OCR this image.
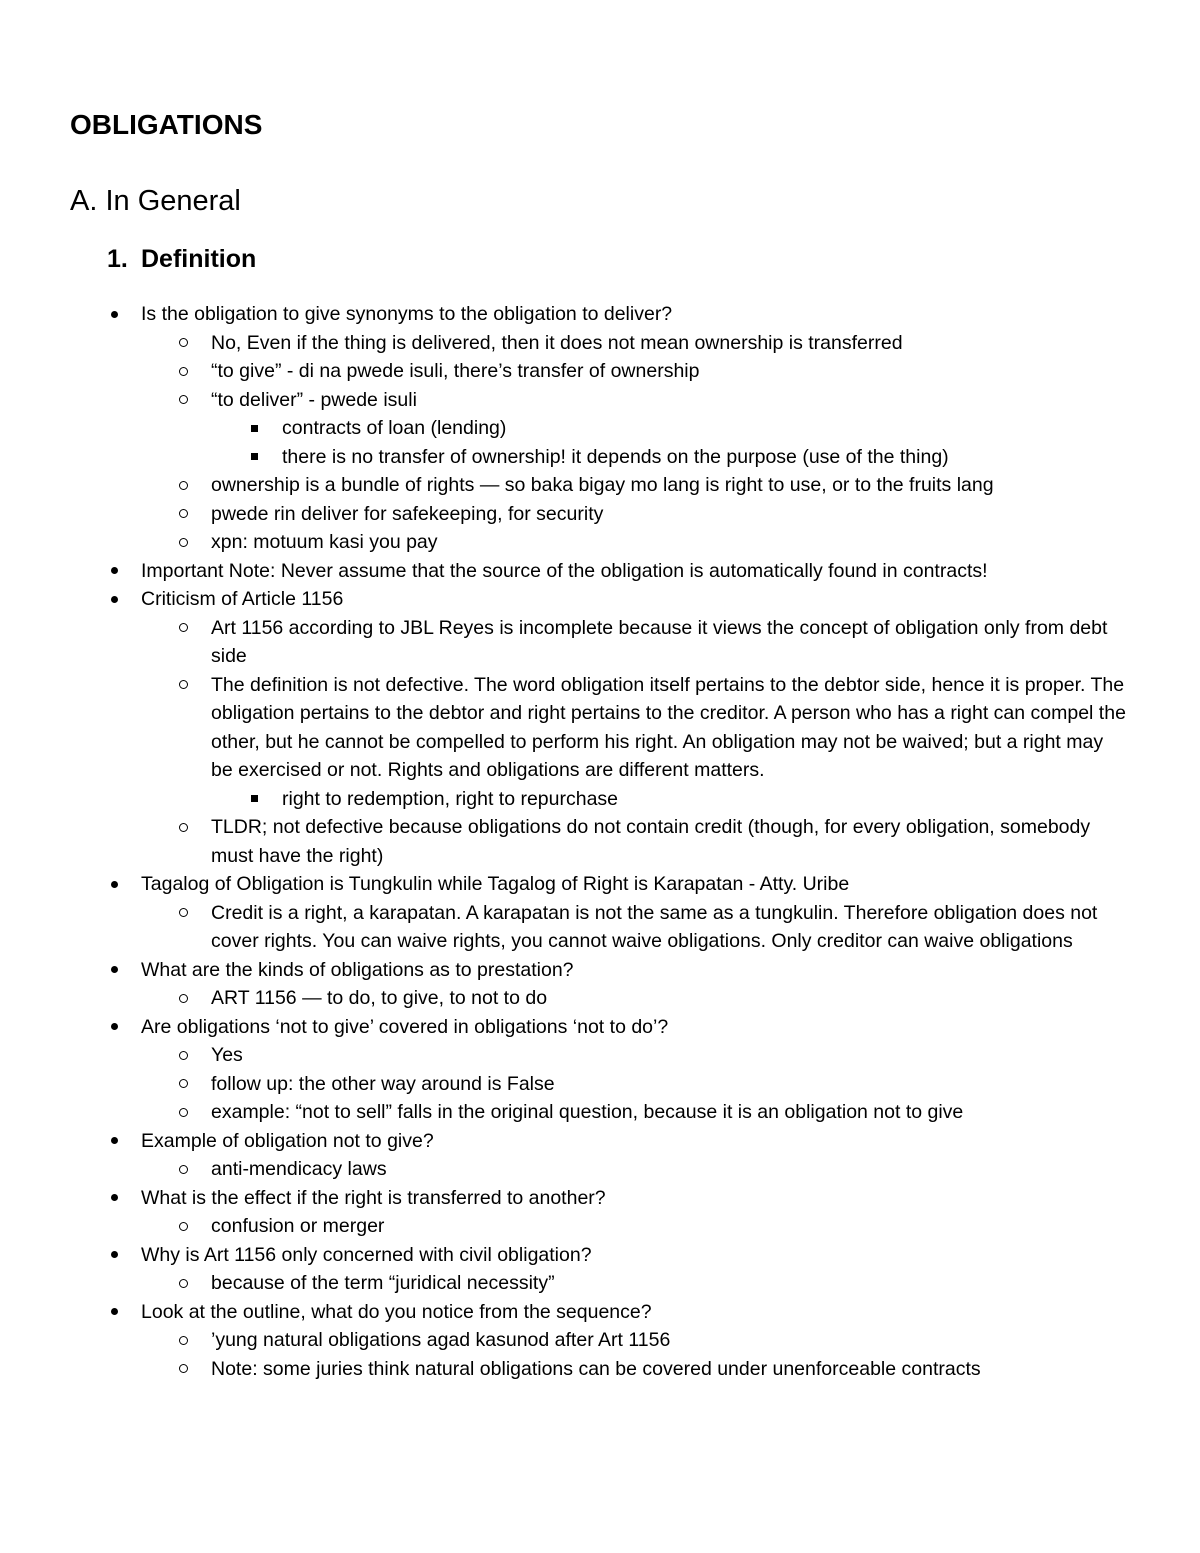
OBLIGATIONS
A. In General
1. Definition
Is the obligation to give synonyms to the obligation to deliver?
No, Even if the thing is delivered, then it does not mean ownership is transferred
“to give” - di na pwede isuli, there’s transfer of ownership
“to deliver” - pwede isuli
contracts of loan (lending)
there is no transfer of ownership! it depends on the purpose (use of the thing)
ownership is a bundle of rights — so baka bigay mo lang is right to use, or to the fruits lang
pwede rin deliver for safekeeping, for security
xpn: motuum kasi you pay
Important Note: Never assume that the source of the obligation is automatically found in contracts!
Criticism of Article 1156
Art 1156 according to JBL Reyes is incomplete because it views the concept of obligation only from debt side
The definition is not defective. The word obligation itself pertains to the debtor side, hence it is proper. The obligation pertains to the debtor and right pertains to the creditor. A person who has a right can compel the other, but he cannot be compelled to perform his right. An obligation may not be waived; but a right may be exercised or not. Rights and obligations are different matters.
right to redemption, right to repurchase
TLDR; not defective because obligations do not contain credit (though, for every obligation, somebody must have the right)
Tagalog of Obligation is Tungkulin while Tagalog of Right is Karapatan - Atty. Uribe
Credit is a right, a karapatan. A karapatan is not the same as a tungkulin. Therefore obligation does not cover rights. You can waive rights, you cannot waive obligations. Only creditor can waive obligations
What are the kinds of obligations as to prestation?
ART 1156 — to do, to give, to not to do
Are obligations ‘not to give’ covered in obligations ‘not to do’?
Yes
follow up: the other way around is False
example: “not to sell” falls in the original question, because it is an obligation not to give
Example of obligation not to give?
anti-mendicacy laws
What is the effect if the right is transferred to another?
confusion or merger
Why is Art 1156 only concerned with civil obligation?
because of the term “juridical necessity”
Look at the outline, what do you notice from the sequence?
’yung natural obligations agad kasunod after Art 1156
Note: some juries think natural obligations can be covered under unenforceable contracts
